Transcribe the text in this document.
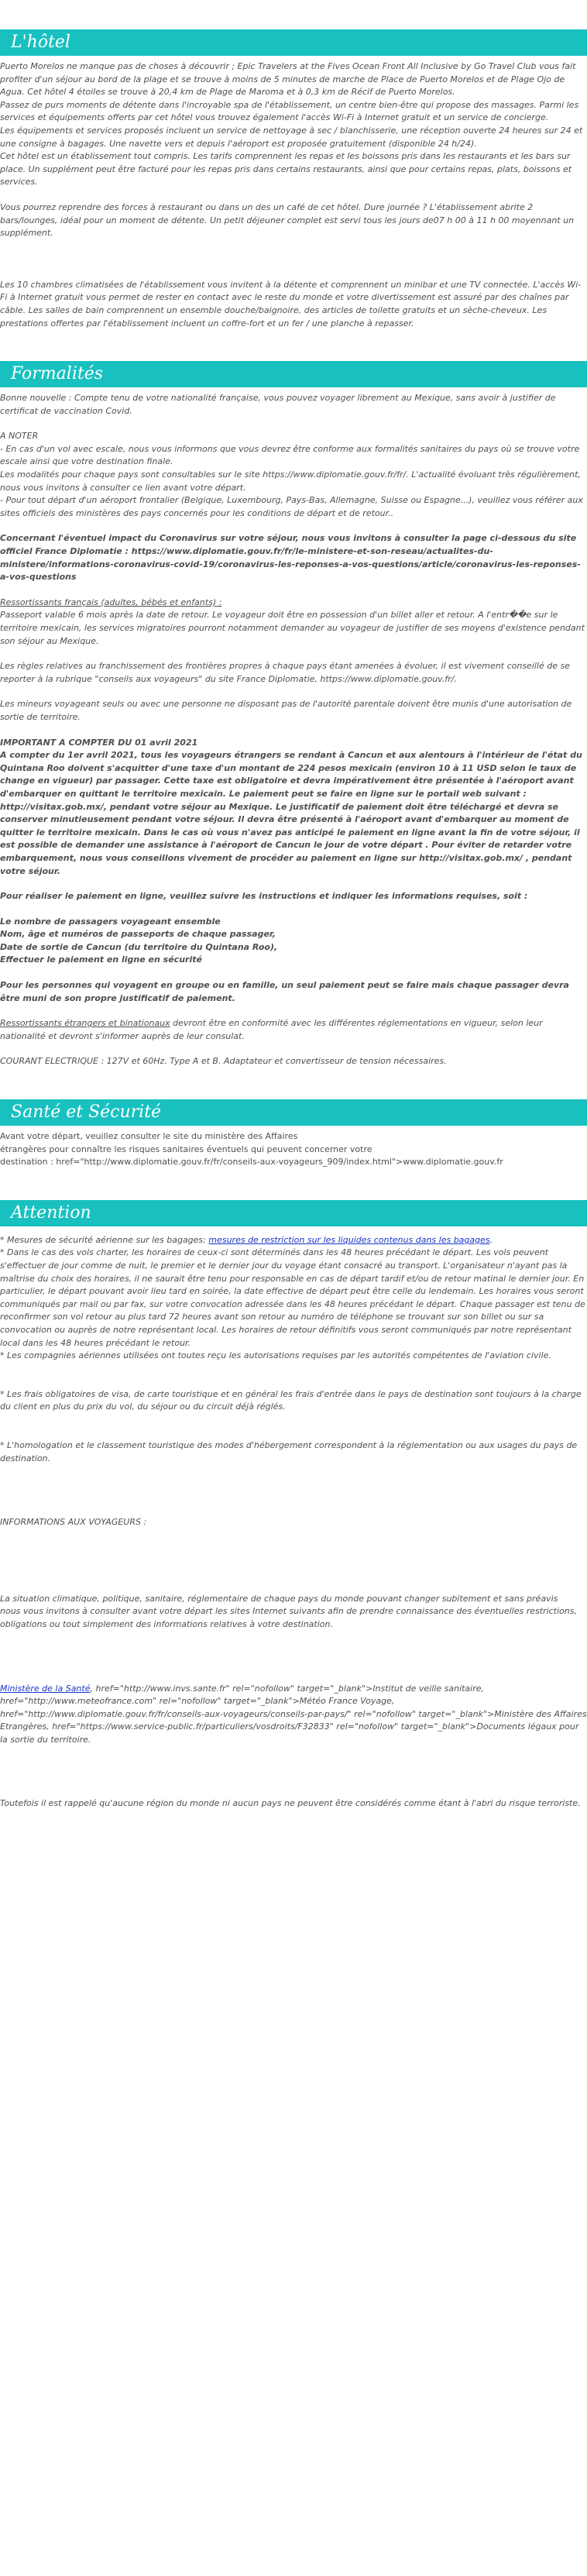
L'hôtel

Puerto Morelos ne manque pas de choses à découvrir ; Epic Travelers at the Fives Ocean Front All Inclusive by Go Travel Club vous fait profiter d'un séjour au bord de la plage et se trouve à moins de 5 minutes de marche de Place de Puerto Morelos et de Plage Ojo de Agua. Cet hôtel 4 étoiles se trouve à 20,4 km de Plage de Maroma et à 0,3 km de Récif de Puerto Morelos.

Passez de purs moments de détente dans l'incroyable spa de l'établissement, un centre bien-être qui propose des massages. Parmi les services et équipements offerts par cet hôtel vous trouvez également l'accès Wi-Fi à Internet gratuit et un service de concierge.

Les équipements et services proposés incluent un service de nettoyage à sec / blanchisserie, une réception ouverte 24 heures sur 24 et une consigne à bagages. Une navette vers et depuis l'aéroport est proposée gratuitement (disponible 24 h/24).

Cet hôtel est un établissement tout compris. Les tarifs comprennent les repas et les boissons pris dans les restaurants et les bars sur place. Un supplément peut être facturé pour les repas pris dans certains restaurants, ainsi que pour certains repas, plats, boissons et services.

Vous pourrez reprendre des forces à restaurant ou dans un des un café de cet hôtel. Dure journée ? L'établissement abrite 2 bars/lounges, idéal pour un moment de détente. Un petit déjeuner complet est servi tous les jours de07 h 00 à 11 h 00 moyennant un supplément.

Les 10 chambres climatisées de l'établissement vous invitent à la détente et comprennent un minibar et une TV connectée. L'accès Wi-Fi à Internet gratuit vous permet de rester en contact avec le reste du monde et votre divertissement est assuré par des chaînes par câble. Les salles de bain comprennent un ensemble douche/baignoire, des articles de toilette gratuits et un sèche-cheveux. Les prestations offertes par l'établissement incluent un coffre-fort et un fer / une planche à repasser.

Formalités

Bonne nouvelle : Compte tenu de votre nationalité française, vous pouvez voyager librement au Mexique, sans avoir à justifier de certificat de vaccination Covid.

A NOTER

- En cas d'un vol avec escale, nous vous informons que vous devrez être conforme aux formalités sanitaires du pays où se trouve votre escale ainsi que votre destination finale.

Les modalités pour chaque pays sont consultables sur le site https://www.diplomatie.gouv.fr/fr/. L'actualité évoluant très régulièrement, nous vous invitons à consulter ce lien avant votre départ.

- Pour tout départ d'un aéroport frontalier (Belgique, Luxembourg, Pays-Bas, Allemagne, Suisse ou Espagne...), veuillez vous référer aux sites officiels des ministères des pays concernés pour les conditions de départ et de retour..

Concernant l'éventuel impact du Coronavirus sur votre séjour, nous vous invitons à consulter la page ci-dessous du site officiel France Diplomatie : https://www.diplomatie.gouv.fr/fr/le-ministere-et-son-reseau/actualites-du-ministere/informations-coronavirus-covid-19/coronavirus-les-reponses-a-vos-questions/article/coronavirus-les-reponses-a-vos-questions

Ressortissants français (adultes, bébés et enfants) :

Passeport valable 6 mois après la date de retour. Le voyageur doit être en possession d'un billet aller et retour. A l'entr��e sur le territoire mexicain, les services migratoires pourront notamment demander au voyageur de justifier de ses moyens d'existence pendant son séjour au Mexique.

Les règles relatives au franchissement des frontières propres à chaque pays étant amenées à évoluer, il est vivement conseillé de se reporter à la rubrique "conseils aux voyageurs" du site France Diplomatie, https://www.diplomatie.gouv.fr/.

Les mineurs voyageant seuls ou avec une personne ne disposant pas de l'autorité parentale doivent être munis d'une autorisation de sortie de territoire.

IMPORTANT A COMPTER DU 01 avril 2021

A compter du 1er avril 2021, tous les voyageurs étrangers se rendant à Cancun et aux alentours à l'intérieur de l'état du Quintana Roo doivent s'acquitter d'une taxe d'un montant de 224 pesos mexicain (environ 10 à 11 USD selon le taux de change en vigueur) par passager. Cette taxe est obligatoire et devra impérativement être présentée à l'aéroport avant d'embarquer en quittant le territoire mexicain. Le paiement peut se faire en ligne sur le portail web suivant : http://visitax.gob.mx/, pendant votre séjour au Mexique. Le justificatif de paiement doit être téléchargé et devra se conserver minutieusement pendant votre séjour. Il devra être présenté à l'aéroport avant d'embarquer au moment de quitter le territoire mexicain. Dans le cas où vous n'avez pas anticipé le paiement en ligne avant la fin de votre séjour, il est possible de demander une assistance à l'aéroport de Cancun le jour de votre départ . Pour éviter de retarder votre embarquement, nous vous conseillons vivement de procéder au paiement en ligne sur http://visitax.gob.mx/ , pendant votre séjour.

Pour réaliser le paiement en ligne, veuillez suivre les instructions et indiquer les informations requises, soit :

Le nombre de passagers voyageant ensemble

Nom, âge et numéros de passeports de chaque passager,

Date de sortie de Cancun (du territoire du Quintana Roo),

Effectuer le paiement en ligne en sécurité

Pour les personnes qui voyagent en groupe ou en famille, un seul paiement peut se faire mais chaque passager devra être muni de son propre justificatif de paiement.

Ressortissants étrangers et binationaux devront être en conformité avec les différentes réglementations en vigueur, selon leur nationalité et devront s'informer auprès de leur consulat.

COURANT ELECTRIQUE : 127V et 60Hz. Type A et B. Adaptateur et convertisseur de tension nécessaires.

Santé et Sécurité

Avant votre départ, veuillez consulter le site du ministère des Affaires

étrangères pour connaître les risques sanitaires éventuels qui peuvent concerner votre

destination : href="http://www.diplomatie.gouv.fr/fr/conseils-aux-voyageurs_909/index.html">www.diplomatie.gouv.fr

Attention

* Mesures de sécurité aérienne sur les bagages: mesures de restriction sur les liquides contenus dans les bagages.

* Dans le cas des vols charter, les horaires de ceux-ci sont déterminés dans les 48 heures précédant le départ. Les vols peuvent s'effectuer de jour comme de nuit, le premier et le dernier jour du voyage étant consacré au transport. L'organisateur n'ayant pas la maîtrise du choix des horaires, il ne saurait être tenu pour responsable en cas de départ tardif et/ou de retour matinal le dernier jour. En particulier, le départ pouvant avoir lieu tard en soirée, la date effective de départ peut être celle du lendemain. Les horaires vous seront communiqués par mail ou par fax, sur votre convocation adressée dans les 48 heures précédant le départ. Chaque passager est tenu de reconfirmer son vol retour au plus tard 72 heures avant son retour au numéro de téléphone se trouvant sur son billet ou sur sa convocation ou auprès de notre représentant local. Les horaires de retour définitifs vous seront communiqués par notre représentant local dans les 48 heures précédant le retour.

* Les compagnies aériennes utilisées ont toutes reçu les autorisations requises par les autorités compétentes de l'aviation civile.

* Les frais obligatoires de visa, de carte touristique et en général les frais d'entrée dans le pays de destination sont toujours à la charge du client en plus du prix du vol, du séjour ou du circuit déjà réglés.

* L'homologation et le classement touristique des modes d'hébergement correspondent à la réglementation ou aux usages du pays de destination.

INFORMATIONS AUX VOYAGEURS :

La situation climatique, politique, sanitaire, réglementaire de chaque pays du monde pouvant changer subitement et sans préavis

nous vous invitons à consulter avant votre départ les sites Internet suivants afin de prendre connaissance des éventuelles restrictions, obligations ou tout simplement des informations relatives à votre destination.

Ministère de la Santé, href="http://www.invs.sante.fr" rel="nofollow" target="_blank">Institut de veille sanitaire, href="http://www.meteofrance.com" rel="nofollow" target="_blank">Météo France Voyage, href="http://www.diplomatie.gouv.fr/fr/conseils-aux-voyageurs/conseils-par-pays/" rel="nofollow" target="_blank">Ministère des Affaires Etrangères, href="https://www.service-public.fr/particuliers/vosdroits/F32833" rel="nofollow" target="_blank">Documents légaux pour la sortie du territoire.

Toutefois il est rappelé qu'aucune région du monde ni aucun pays ne peuvent être considérés comme étant à l'abri du risque terroriste.
